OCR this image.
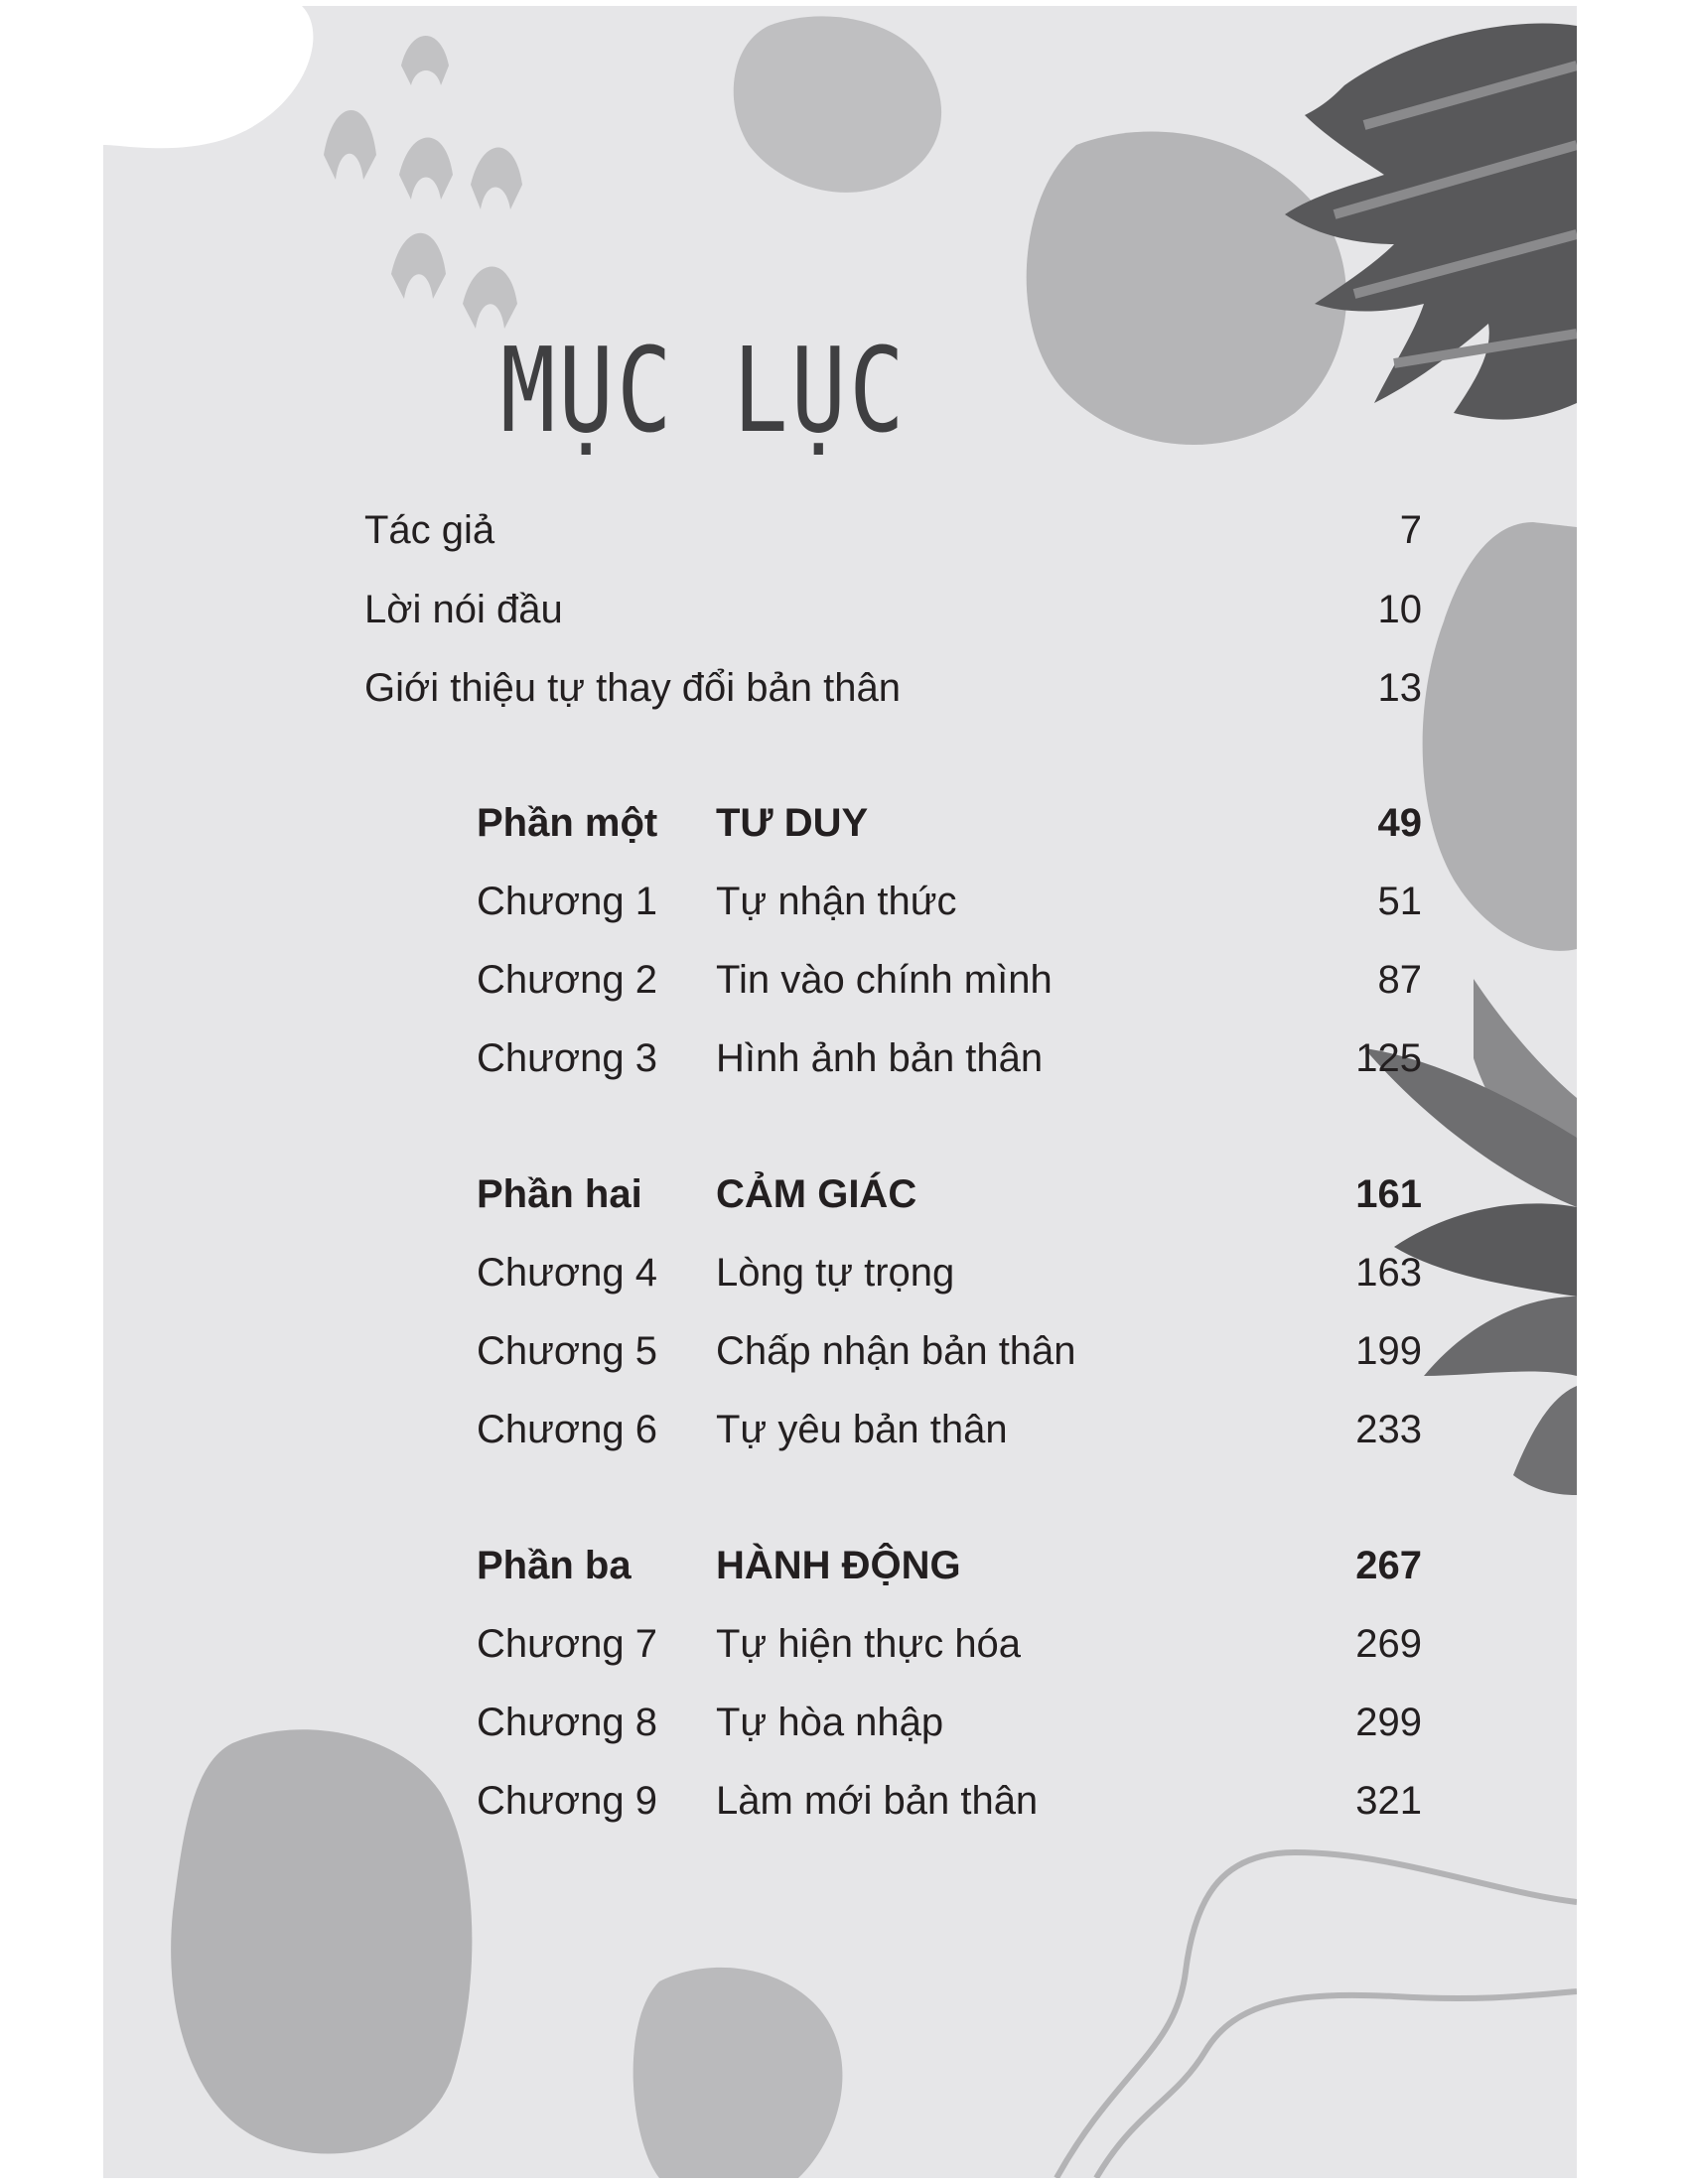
MỤC LỤC
Tác giả	7
Lời nói đầu	10
Giới thiệu tự thay đổi bản thân	13
Phần một TƯ DUY	49
Chương 1 Tự nhận thức	51
Chương 2 Tin vào chính mình	87
Chương 3 Hình ảnh bản thân	125
Phần hai CẢM GIÁC	161
Chương 4 Lòng tự trọng	163
Chương 5 Chấp nhận bản thân	199
Chương 6 Tự yêu bản thân	233
Phần ba HÀNH ĐỘNG	267
Chương 7 Tự hiện thực hóa	269
Chương 8 Tự hòa nhập	299
Chương 9 Làm mới bản thân	321
